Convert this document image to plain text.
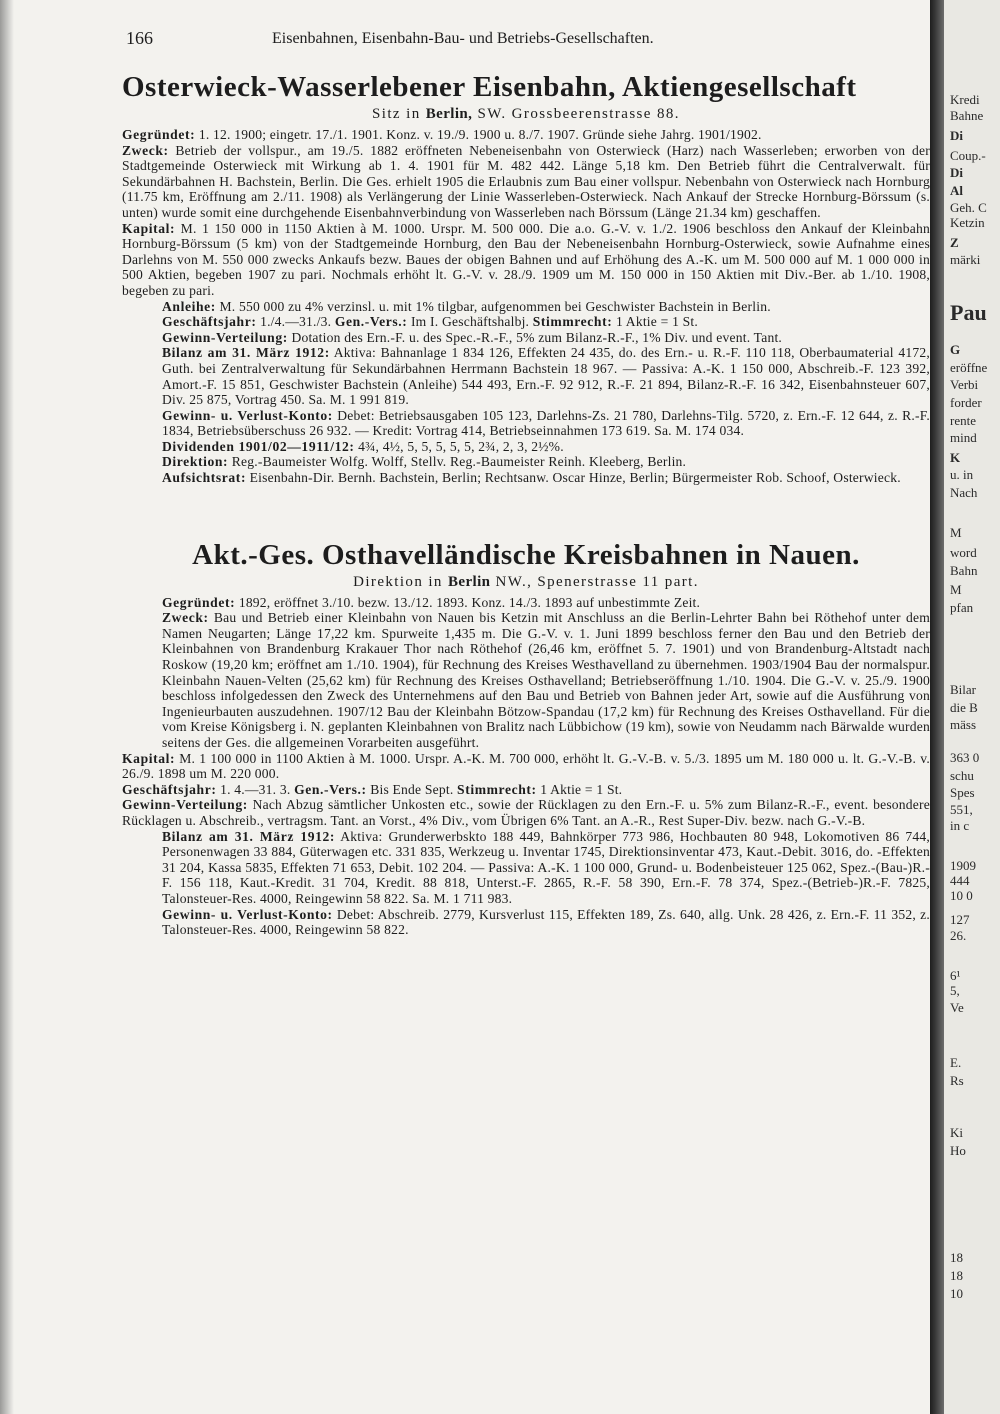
166	Eisenbahnen, Eisenbahn-Bau- und Betriebs-Gesellschaften.
Osterwieck-Wasserlebener Eisenbahn, Aktiengesellschaft
Sitz in Berlin, SW. Grossbeerenstrasse 88.

Gegründet: 1. 12. 1900; eingetr. 17./1. 1901. Konz. v. 19./9. 1900 u. 8./7. 1907. Gründe siehe Jahrg. 1901/1902.

Zweck: Betrieb der vollspur., am 19./5. 1882 eröffneten Nebeneisenbahn von Osterwieck (Harz) nach Wasserleben; erworben von der Stadtgemeinde Osterwieck mit Wirkung ab 1. 4. 1901 für M. 482 442. Länge 5,18 km. Den Betrieb führt die Centralverwalt. für Sekundärbahnen H. Bachstein, Berlin. Die Ges. erhielt 1905 die Erlaubnis zum Bau einer vollspur. Nebenbahn von Osterwieck nach Hornburg (11.75 km, Eröffnung am 2./11. 1908) als Verlängerung der Linie Wasserleben-Osterwieck. Nach Ankauf der Strecke Hornburg-Börssum (s. unten) wurde somit eine durchgehende Eisenbahnverbindung von Wasserleben nach Börssum (Länge 21.34 km) geschaffen.

Kapital: M. 1 150 000 in 1150 Aktien à M. 1000. Urspr. M. 500 000. Die a.o. G.-V. v. 1./2. 1906 beschloss den Ankauf der Kleinbahn Hornburg-Börssum (5 km) von der Stadtgemeinde Hornburg, den Bau der Nebeneisenbahn Hornburg-Osterwieck, sowie Aufnahme eines Darlehns von M. 550 000 zwecks Ankaufs bezw. Baues der obigen Bahnen und auf Erhöhung des A.-K. um M. 500 000 auf M. 1 000 000 in 500 Aktien, begeben 1907 zu pari. Nochmals erhöht lt. G.-V. v. 28./9. 1909 um M. 150 000 in 150 Aktien mit Div.-Ber. ab 1./10. 1908, begeben zu pari.

Anleihe: M. 550 000 zu 4% verzinsl. u. mit 1% tilgbar, aufgenommen bei Geschwister Bachstein in Berlin.

Geschäftsjahr: 1./4.—31./3. Gen.-Vers.: Im I. Geschäftshalbj. Stimmrecht: 1 Aktie = 1 St.

Gewinn-Verteilung: Dotation des Ern.-F. u. des Spec.-R.-F., 5% zum Bilanz-R.-F., 1% Div. und event. Tant.

Bilanz am 31. März 1912: Aktiva: Bahnanlage 1 834 126, Effekten 24 435, do. des Ern.- u. R.-F. 110 118, Oberbaumaterial 4172, Guth. bei Zentralverwaltung für Sekundärbahnen Herrmann Bachstein 18 967. — Passiva: A.-K. 1 150 000, Abschreib.-F. 123 392, Amort.-F. 15 851, Geschwister Bachstein (Anleihe) 544 493, Ern.-F. 92 912, R.-F. 21 894, Bilanz-R.-F. 16 342, Eisenbahnsteuer 607, Div. 25 875, Vortrag 450. Sa. M. 1 991 819.

Gewinn- u. Verlust-Konto: Debet: Betriebsausgaben 105 123, Darlehns-Zs. 21 780, Darlehns-Tilg. 5720, z. Ern.-F. 12 644, z. R.-F. 1834, Betriebsüberschuss 26 932. — Kredit: Vortrag 414, Betriebseinnahmen 173 619. Sa. M. 174 034.

Dividenden 1901/02—1911/12: 4¾, 4½, 5, 5, 5, 5, 5, 2¾, 2, 3, 2½%.

Direktion: Reg.-Baumeister Wolfg. Wolff, Stellv. Reg.-Baumeister Reinh. Kleeberg, Berlin.

Aufsichtsrat: Eisenbahn-Dir. Bernh. Bachstein, Berlin; Rechtsanw. Oscar Hinze, Berlin; Bürgermeister Rob. Schoof, Osterwieck.

Akt.-Ges. Osthavelländische Kreisbahnen in Nauen.
Direktion in Berlin NW., Spenerstrasse 11 part.

Gegründet: 1892, eröffnet 3./10. bezw. 13./12. 1893. Konz. 14./3. 1893 auf unbestimmte Zeit.

Zweck: Bau und Betrieb einer Kleinbahn von Nauen bis Ketzin mit Anschluss an die Berlin-Lehrter Bahn bei Röthehof unter dem Namen Neugarten; Länge 17,22 km. Spurweite 1,435 m. Die G.-V. v. 1. Juni 1899 beschloss ferner den Bau und den Betrieb der Kleinbahnen von Brandenburg Krakauer Thor nach Röthehof (26,46 km, eröffnet 5. 7. 1901) und von Brandenburg-Altstadt nach Roskow (19,20 km; eröffnet am 1./10. 1904), für Rechnung des Kreises Westhavelland zu übernehmen. 1903/1904 Bau der normalspur. Kleinbahn Nauen-Velten (25,62 km) für Rechnung des Kreises Osthavelland; Betriebseröffnung 1./10. 1904. Die G.-V. v. 25./9. 1900 beschloss infolgedessen den Zweck des Unternehmens auf den Bau und Betrieb von Bahnen jeder Art, sowie auf die Ausführung von Ingenieurbauten auszudehnen. 1907/12 Bau der Kleinbahn Bötzow-Spandau (17,2 km) für Rechnung des Kreises Osthavelland. Für die vom Kreise Königsberg i. N. geplanten Kleinbahnen von Bralitz nach Lübbichow (19 km), sowie von Neudamm nach Bärwalde wurden seitens der Ges. die allgemeinen Vorarbeiten ausgeführt.

Kapital: M. 1 100 000 in 1100 Aktien à M. 1000. Urspr. A.-K. M. 700 000, erhöht lt. G.-V.-B. v. 5./3. 1895 um M. 180 000 u. lt. G.-V.-B. v. 26./9. 1898 um M. 220 000.

Geschäftsjahr: 1. 4.—31. 3. Gen.-Vers.: Bis Ende Sept. Stimmrecht: 1 Aktie = 1 St.

Gewinn-Verteilung: Nach Abzug sämtlicher Unkosten etc., sowie der Rücklagen zu den Ern.-F. u. 5% zum Bilanz-R.-F., event. besondere Rücklagen u. Abschreib., vertragsm. Tant. an Vorst., 4% Div., vom Übrigen 6% Tant. an A.-R., Rest Super-Div. bezw. nach G.-V.-B.

Bilanz am 31. März 1912: Aktiva: Grunderwerbskto 188 449, Bahnkörper 773 986, Hochbauten 80 948, Lokomotiven 86 744, Personenwagen 33 884, Güterwagen etc. 331 835, Werkzeug u. Inventar 1745, Direktionsinventar 473, Kaut.-Debit. 3016, do. -Effekten 31 204, Kassa 5835, Effekten 71 653, Debit. 102 204. — Passiva: A.-K. 1 100 000, Grund- u. Bodenbeisteuer 125 062, Spez.-(Bau-)R.-F. 156 118, Kaut.-Kredit. 31 704, Kredit. 88 818, Unterst.-F. 2865, R.-F. 58 390, Ern.-F. 78 374, Spez.-(Betrieb-)R.-F. 7825, Talonsteuer-Res. 4000, Reingewinn 58 822. Sa. M. 1 711 983.

Gewinn- u. Verlust-Konto: Debet: Abschreib. 2779, Kursverlust 115, Effekten 189, Zs. 640, allg. Unk. 28 426, z. Ern.-F. 11 352, z. Talonsteuer-Res. 4000, Reingewinn 58 822.

Kredi
Bahne
Di
Coup.-
Di
Al
Geh. C
Ketzin
Z
märki
Pau
G
eröffne
Verbi
forder
rente
mind
K
u. in
Nach
M
word
Bahn
M
pfan
Bilar
die B
mäss
363 0
schu
Spes
551,
in c
1909
444
10 0
127
26.
6¹
5,
Ve
E.
Rs
Ki
Ho
18
18
10
